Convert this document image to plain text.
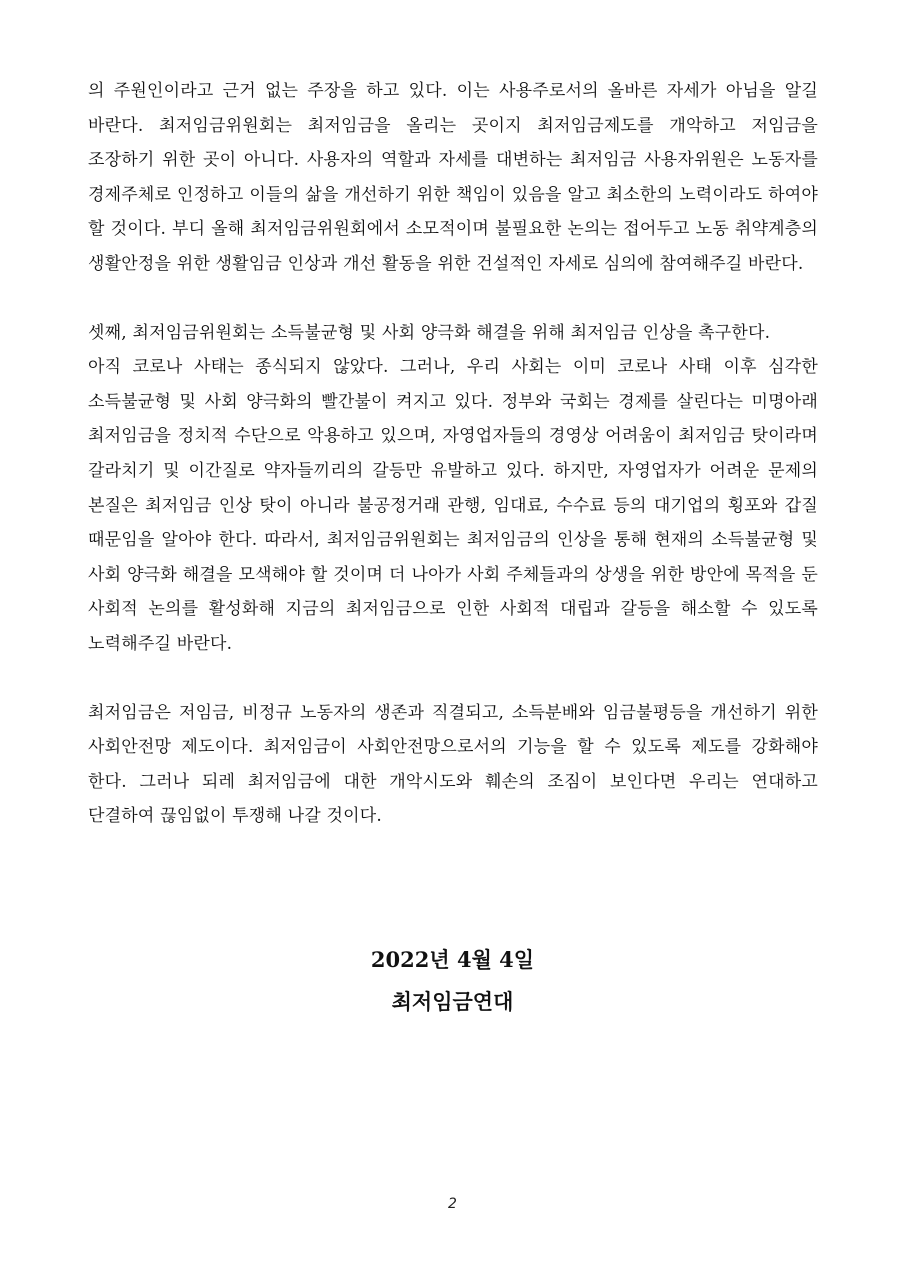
의 주원인이라고 근거 없는 주장을 하고 있다. 이는 사용주로서의 올바른 자세가 아님을 알길 바란다. 최저임금위원회는 최저임금을 올리는 곳이지 최저임금제도를 개악하고 저임금을 조장하기 위한 곳이 아니다. 사용자의 역할과 자세를 대변하는 최저임금 사용자위원은 노동자를 경제주체로 인정하고 이들의 삶을 개선하기 위한 책임이 있음을 알고 최소한의 노력이라도 하여야 할 것이다. 부디 올해 최저임금위원회에서 소모적이며 불필요한 논의는 접어두고 노동 취약계층의 생활안정을 위한 생활임금 인상과 개선 활동을 위한 건설적인 자세로 심의에 참여해주길 바란다.

셋째, 최저임금위원회는 소득불균형 및 사회 양극화 해결을 위해 최저임금 인상을 촉구한다.
아직 코로나 사태는 종식되지 않았다. 그러나, 우리 사회는 이미 코로나 사태 이후 심각한 소득불균형 및 사회 양극화의 빨간불이 켜지고 있다. 정부와 국회는 경제를 살린다는 미명아래 최저임금을 정치적 수단으로 악용하고 있으며, 자영업자들의 경영상 어려움이 최저임금 탓이라며 갈라치기 및 이간질로 약자들끼리의 갈등만 유발하고 있다. 하지만, 자영업자가 어려운 문제의 본질은 최저임금 인상 탓이 아니라 불공정거래 관행, 임대료, 수수료 등의 대기업의 횡포와 갑질 때문임을 알아야 한다. 따라서, 최저임금위원회는 최저임금의 인상을 통해 현재의 소득불균형 및 사회 양극화 해결을 모색해야 할 것이며 더 나아가 사회 주체들과의 상생을 위한 방안에 목적을 둔 사회적 논의를 활성화해 지금의 최저임금으로 인한 사회적 대립과 갈등을 해소할 수 있도록 노력해주길 바란다.

최저임금은 저임금, 비정규 노동자의 생존과 직결되고, 소득분배와 임금불평등을 개선하기 위한 사회안전망 제도이다. 최저임금이 사회안전망으로서의 기능을 할 수 있도록 제도를 강화해야 한다. 그러나 되레 최저임금에 대한 개악시도와 훼손의 조짐이 보인다면 우리는 연대하고 단결하여 끊임없이 투쟁해 나갈 것이다.

2022년 4월 4일
최저임금연대
2
